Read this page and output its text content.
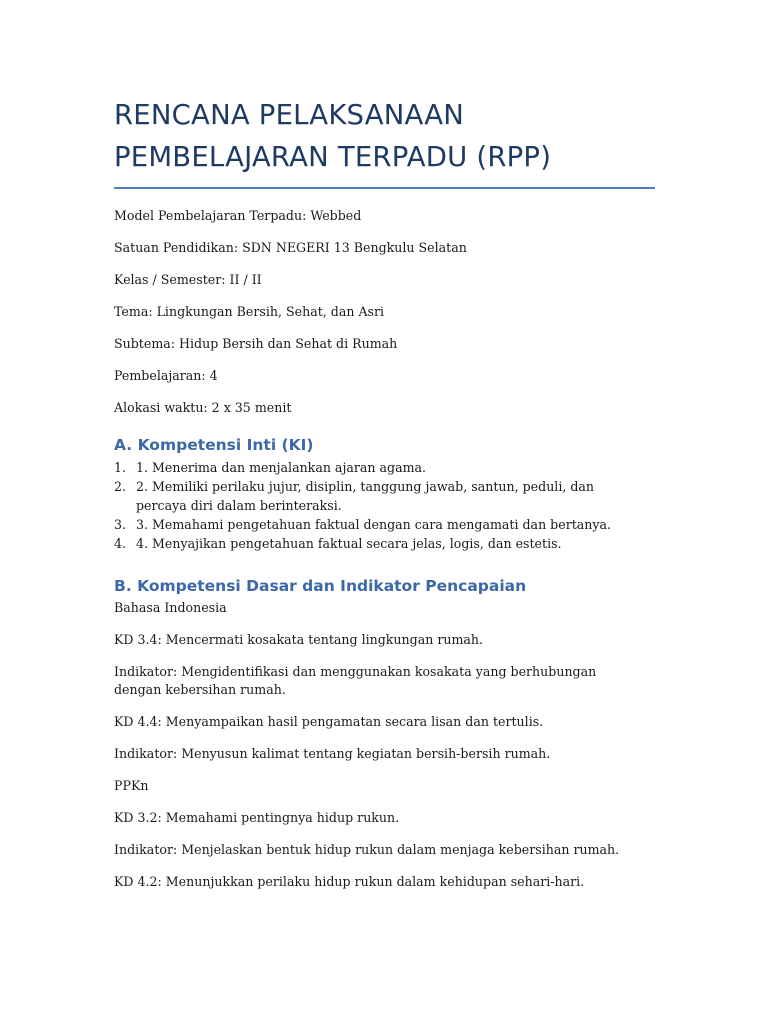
RENCANA PELAKSANAAN PEMBELAJARAN TERPADU (RPP)
Model Pembelajaran Terpadu: Webbed
Satuan Pendidikan: SDN NEGERI 13 Bengkulu Selatan
Kelas / Semester: II / II
Tema: Lingkungan Bersih, Sehat, dan Asri
Subtema: Hidup Bersih dan Sehat di Rumah
Pembelajaran: 4
Alokasi waktu: 2 x 35 menit
A. Kompetensi Inti (KI)
1. 1. Menerima dan menjalankan ajaran agama.
2. 2. Memiliki perilaku jujur, disiplin, tanggung jawab, santun, peduli, dan percaya diri dalam berinteraksi.
3. 3. Memahami pengetahuan faktual dengan cara mengamati dan bertanya.
4. 4. Menyajikan pengetahuan faktual secara jelas, logis, dan estetis.
B. Kompetensi Dasar dan Indikator Pencapaian

Bahasa Indonesia

KD 3.4: Mencermati kosakata tentang lingkungan rumah.

Indikator: Mengidentifikasi dan menggunakan kosakata yang berhubungan dengan kebersihan rumah.

KD 4.4: Menyampaikan hasil pengamatan secara lisan dan tertulis.

Indikator: Menyusun kalimat tentang kegiatan bersih-bersih rumah.

PPKn

KD 3.2: Memahami pentingnya hidup rukun.

Indikator: Menjelaskan bentuk hidup rukun dalam menjaga kebersihan rumah.

KD 4.2: Menunjukkan perilaku hidup rukun dalam kehidupan sehari-hari.
